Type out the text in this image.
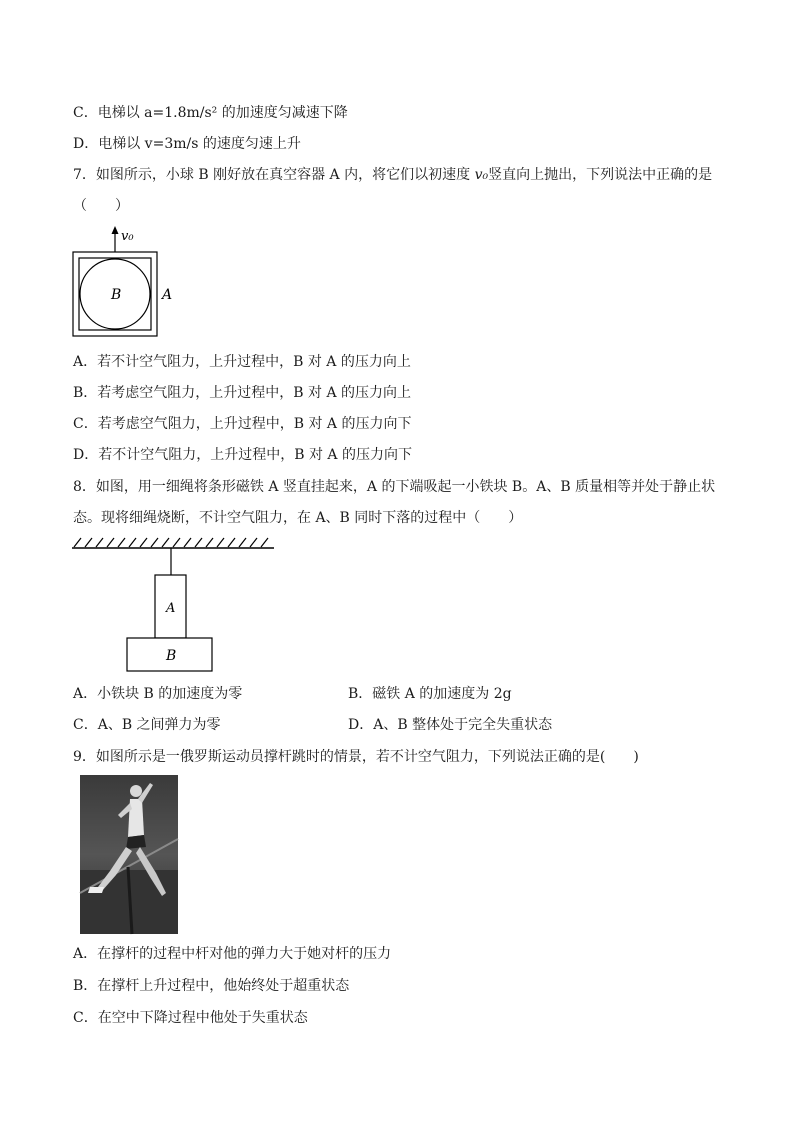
C．电梯以 a=1.8m/s² 的加速度匀减速下降
D．电梯以 v=3m/s 的速度匀速上升
7．如图所示，小球 B 刚好放在真空容器 A 内，将它们以初速度 v₀竖直向上抛出，下列说法中正确的是
（　　）
v₀
B	A
A．若不计空气阻力，上升过程中，B 对 A 的压力向上
B．若考虑空气阻力，上升过程中，B 对 A 的压力向上
C．若考虑空气阻力，上升过程中，B 对 A 的压力向下
D．若不计空气阻力，上升过程中，B 对 A 的压力向下
8．如图，用一细绳将条形磁铁 A 竖直挂起来，A 的下端吸起一小铁块 B。A、B 质量相等并处于静止状
态。现将细绳烧断，不计空气阻力，在 A、B 同时下落的过程中（　　）
A
B
A．小铁块 B 的加速度为零	B．磁铁 A 的加速度为 2g
C．A、B 之间弹力为零	D．A、B 整体处于完全失重状态
9．如图所示是一俄罗斯运动员撑杆跳时的情景，若不计空气阻力，下列说法正确的是(　　)
A．在撑杆的过程中杆对他的弹力大于她对杆的压力
B．在撑杆上升过程中，他始终处于超重状态
C．在空中下降过程中他处于失重状态
